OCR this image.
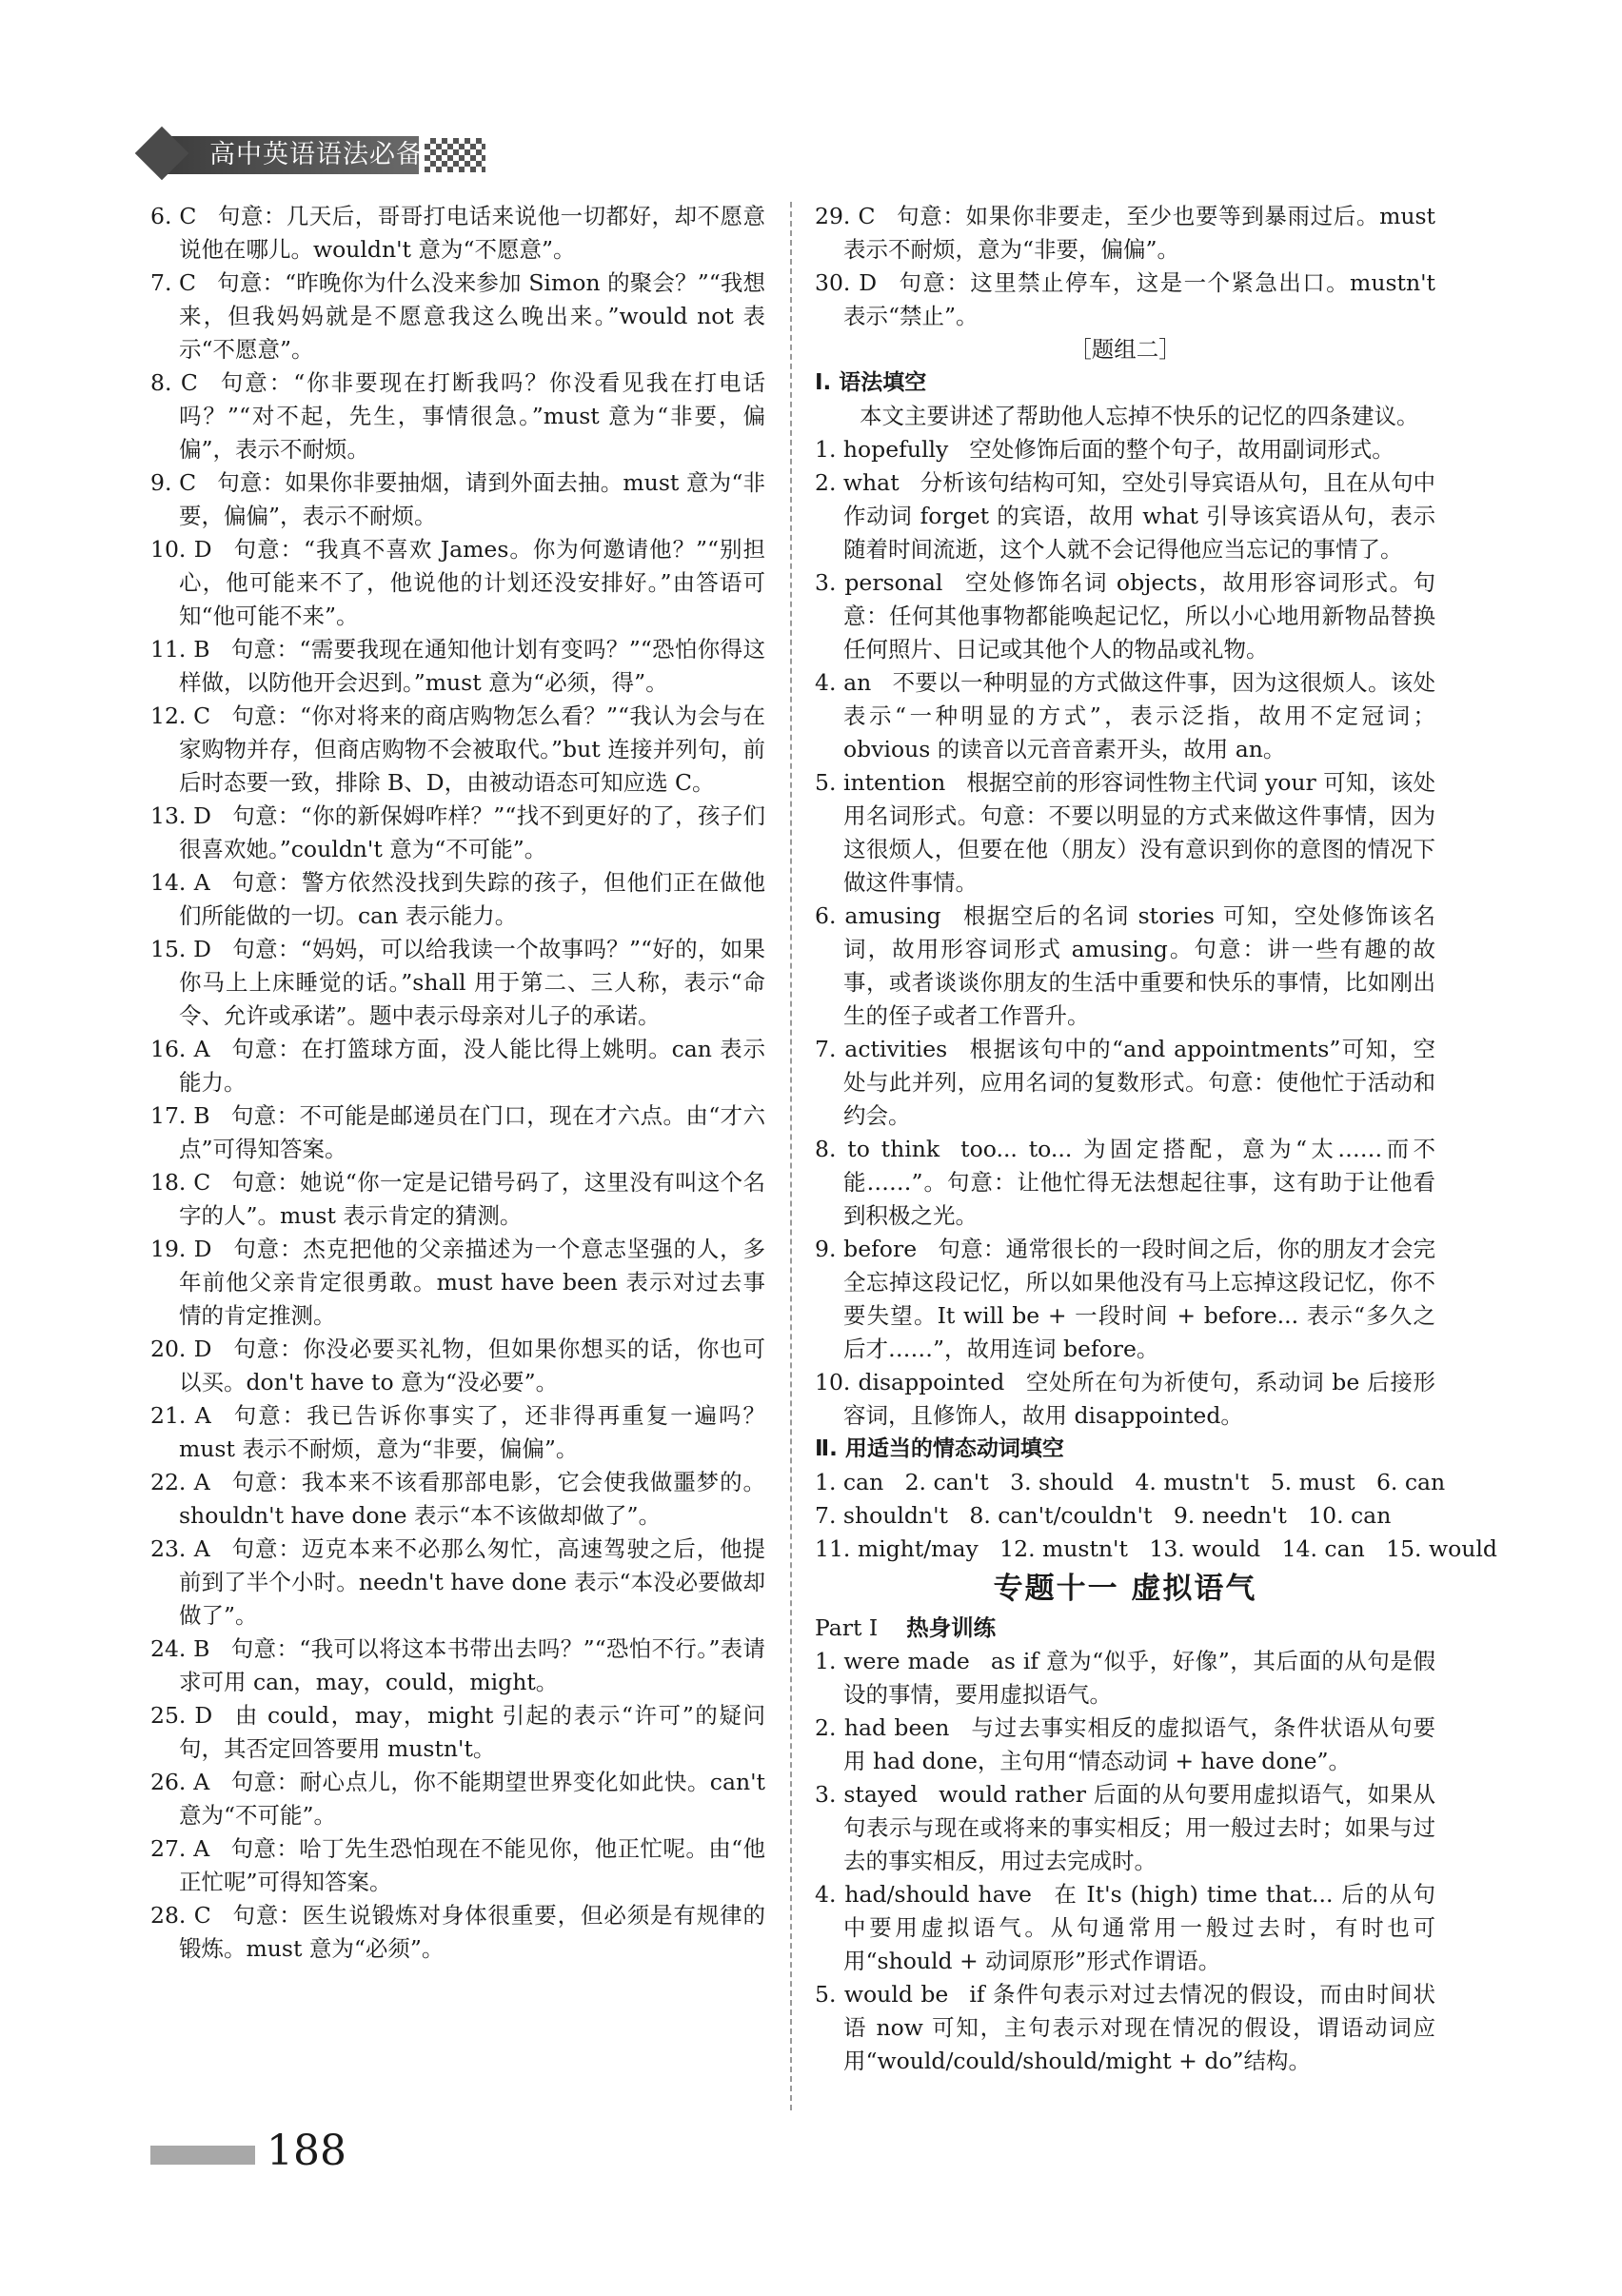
高中英语语法必备

6. C 句意：几天后，哥哥打电话来说他一切都好，却不愿意说他在哪儿。wouldn't 意为“不愿意”。

7. C 句意：“昨晚你为什么没来参加 Simon 的聚会？”“我想来，但我妈妈就是不愿意我这么晚出来。”would not 表示“不愿意”。

8. C 句意：“你非要现在打断我吗？你没看见我在打电话吗？”“对不起，先生，事情很急。”must 意为“非要，偏偏”，表示不耐烦。

9. C 句意：如果你非要抽烟，请到外面去抽。must 意为“非要，偏偏”，表示不耐烦。

10. D 句意：“我真不喜欢 James。你为何邀请他？”“别担心，他可能来不了，他说他的计划还没安排好。”由答语可知“他可能不来”。

11. B 句意：“需要我现在通知他计划有变吗？”“恐怕你得这样做，以防他开会迟到。”must 意为“必须，得”。

12. C 句意：“你对将来的商店购物怎么看？”“我认为会与在家购物并存，但商店购物不会被取代。”but 连接并列句，前后时态要一致，排除 B、D，由被动语态可知应选 C。

13. D 句意：“你的新保姆咋样？”“找不到更好的了，孩子们很喜欢她。”couldn't 意为“不可能”。

14. A 句意：警方依然没找到失踪的孩子，但他们正在做他们所能做的一切。can 表示能力。

15. D 句意：“妈妈，可以给我读一个故事吗？”“好的，如果你马上上床睡觉的话。”shall 用于第二、三人称，表示“命令、允许或承诺”。题中表示母亲对儿子的承诺。

16. A 句意：在打篮球方面，没人能比得上姚明。can 表示能力。

17. B 句意：不可能是邮递员在门口，现在才六点。由“才六点”可得知答案。

18. C 句意：她说“你一定是记错号码了，这里没有叫这个名字的人”。must 表示肯定的猜测。

19. D 句意：杰克把他的父亲描述为一个意志坚强的人，多年前他父亲肯定很勇敢。must have been 表示对过去事情的肯定推测。

20. D 句意：你没必要买礼物，但如果你想买的话，你也可以买。don't have to 意为“没必要”。

21. A 句意：我已告诉你事实了，还非得再重复一遍吗？must 表示不耐烦，意为“非要，偏偏”。

22. A 句意：我本来不该看那部电影，它会使我做噩梦的。shouldn't have done 表示“本不该做却做了”。

23. A 句意：迈克本来不必那么匆忙，高速驾驶之后，他提前到了半个小时。needn't have done 表示“本没必要做却做了”。

24. B 句意：“我可以将这本书带出去吗？”“恐怕不行。”表请求可用 can，may，could，might。

25. D 由 could，may，might 引起的表示“许可”的疑问句，其否定回答要用 mustn't。

26. A 句意：耐心点儿，你不能期望世界变化如此快。can't 意为“不可能”。

27. A 句意：哈丁先生恐怕现在不能见你，他正忙呢。由“他正忙呢”可得知答案。

28. C 句意：医生说锻炼对身体很重要，但必须是有规律的锻炼。must 意为“必须”。

29. C 句意：如果你非要走，至少也要等到暴雨过后。must 表示不耐烦，意为“非要，偏偏”。

30. D 句意：这里禁止停车，这是一个紧急出口。mustn't 表示“禁止”。

［题组二］

Ⅰ. 语法填空

本文主要讲述了帮助他人忘掉不快乐的记忆的四条建议。

1. hopefully 空处修饰后面的整个句子，故用副词形式。

2. what 分析该句结构可知，空处引导宾语从句，且在从句中作动词 forget 的宾语，故用 what 引导该宾语从句，表示随着时间流逝，这个人就不会记得他应当忘记的事情了。

3. personal 空处修饰名词 objects，故用形容词形式。句意：任何其他事物都能唤起记忆，所以小心地用新物品替换任何照片、日记或其他个人的物品或礼物。

4. an 不要以一种明显的方式做这件事，因为这很烦人。该处表示“一种明显的方式”，表示泛指，故用不定冠词；obvious 的读音以元音音素开头，故用 an。

5. intention 根据空前的形容词性物主代词 your 可知，该处用名词形式。句意：不要以明显的方式来做这件事情，因为这很烦人，但要在他（朋友）没有意识到你的意图的情况下做这件事情。

6. amusing 根据空后的名词 stories 可知，空处修饰该名词，故用形容词形式 amusing。句意：讲一些有趣的故事，或者谈谈你朋友的生活中重要和快乐的事情，比如刚出生的侄子或者工作晋升。

7. activities 根据该句中的“and appointments”可知，空处与此并列，应用名词的复数形式。句意：使他忙于活动和约会。

8. to think too... to... 为固定搭配，意为“太……而不能……”。句意：让他忙得无法想起往事，这有助于让他看到积极之光。

9. before 句意：通常很长的一段时间之后，你的朋友才会完全忘掉这段记忆，所以如果他没有马上忘掉这段记忆，你不要失望。It will be + 一段时间 + before... 表示“多久之后才……”，故用连词 before。

10. disappointed 空处所在句为祈使句，系动词 be 后接形容词，且修饰人，故用 disappointed。

Ⅱ. 用适当的情态动词填空

1. can   2. can't   3. should   4. mustn't   5. must   6. can

7. shouldn't   8. can't/couldn't   9. needn't   10. can

11. might/may   12. mustn't   13. would   14. can   15. would

专题十一 虚拟语气

Part Ⅰ 热身训练

1. were made as if 意为“似乎，好像”，其后面的从句是假设的事情，要用虚拟语气。

2. had been 与过去事实相反的虚拟语气，条件状语从句要用 had done，主句用“情态动词 + have done”。

3. stayed would rather 后面的从句要用虚拟语气，如果从句表示与现在或将来的事实相反；用一般过去时；如果与过去的事实相反，用过去完成时。

4. had/should have 在 It's (high) time that... 后的从句中要用虚拟语气。从句通常用一般过去时，有时也可用“should + 动词原形”形式作谓语。

5. would be if 条件句表示对过去情况的假设，而由时间状语 now 可知，主句表示对现在情况的假设，谓语动词应用“would/could/should/might + do”结构。

188
